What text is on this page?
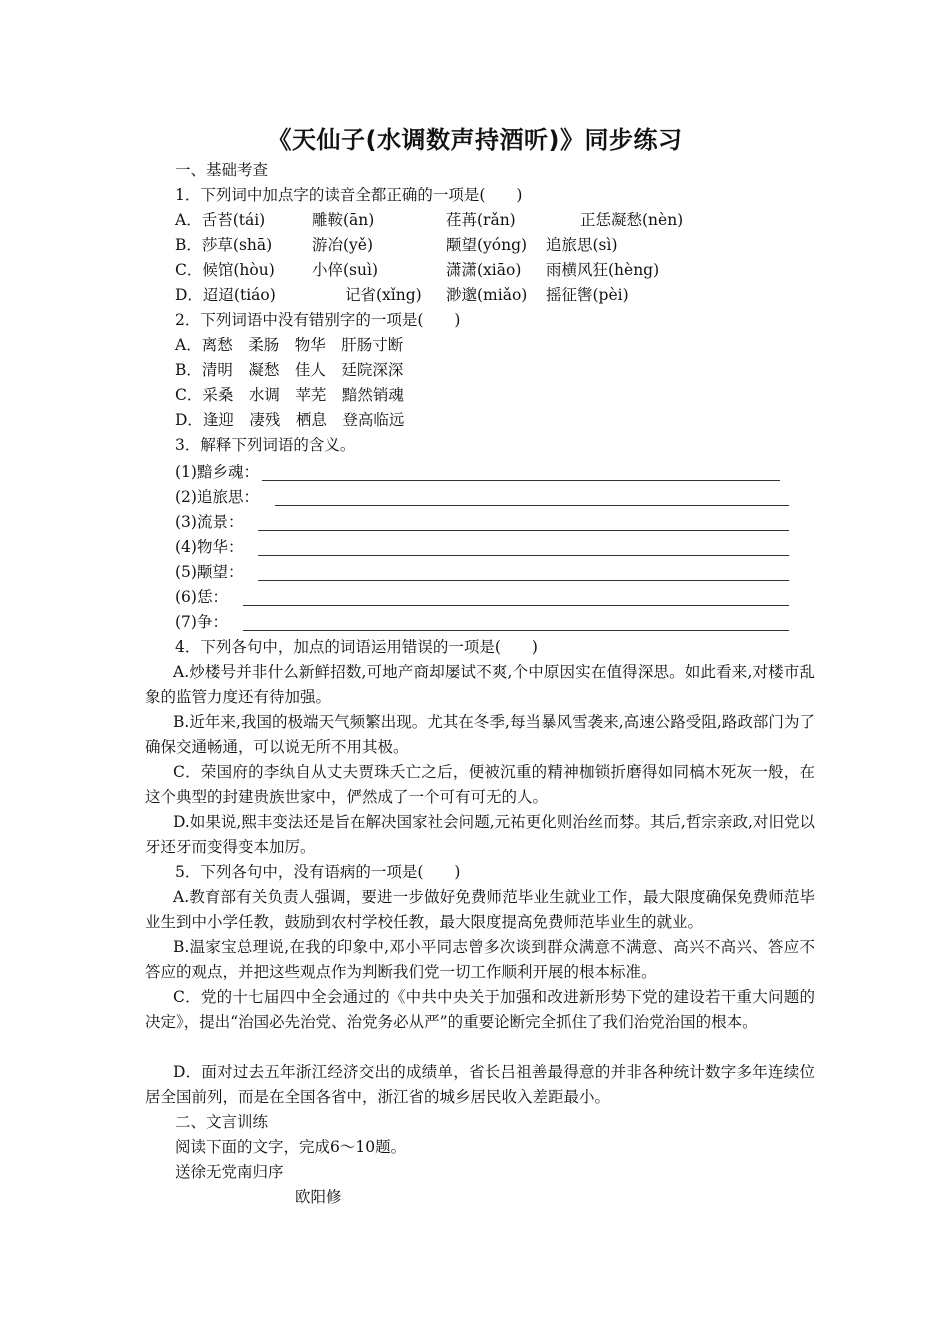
《天仙子(水调数声持酒听)》同步练习
一、基础考查
1．下列词中加点字的读音全都正确的一项是(　　)
A．舌苔(tái)	雕鞍(ān)	荏苒(rǎn)	正恁凝愁(nèn)
B．莎草(shā)	游冶(yě)	颙望(yóng) 追旅思(sì)
C．候馆(hòu) 小倅(suì)	潇潇(xiāo) 雨横风狂(hèng)
D．迢迢(tiáo)	记省(xǐng) 渺邈(miǎo) 摇征辔(pèi)
2．下列词语中没有错别字的一项是(　　)
A．离愁　柔肠　物华　肝肠寸断
B．清明　凝愁　佳人　廷院深深
C．采桑　水调　苹芜　黯然销魂
D．逢迎　凄残　栖息　登高临远
3．解释下列词语的含义。
(1)黯乡魂：
(2)追旅思：
(3)流景：
(4)物华：
(5)颙望：
(6)恁：
(7)争：
4．下列各句中，加点的词语运用错误的一项是(　　)
A.炒楼号并非什么新鲜招数,可地产商却屡试不爽,个中原因实在值得深思。如此看来,对楼市乱象的监管力度还有待加强。
B.近年来,我国的极端天气频繁出现。尤其在冬季,每当暴风雪袭来,高速公路受阻,路政部门为了确保交通畅通，可以说无所不用其极。
C．荣国府的李纨自从丈夫贾珠夭亡之后，便被沉重的精神枷锁折磨得如同槁木死灰一般，在这个典型的封建贵族世家中，俨然成了一个可有可无的人。
D.如果说,熙丰变法还是旨在解决国家社会问题,元祐更化则治丝而棼。其后,哲宗亲政,对旧党以牙还牙而变得变本加厉。
5．下列各句中，没有语病的一项是(　　)
A.教育部有关负责人强调，要进一步做好免费师范毕业生就业工作，最大限度确保免费师范毕业生到中小学任教，鼓励到农村学校任教，最大限度提高免费师范毕业生的就业。
B.温家宝总理说,在我的印象中,邓小平同志曾多次谈到群众满意不满意、高兴不高兴、答应不答应的观点，并把这些观点作为判断我们党一切工作顺利开展的根本标准。
C．党的十七届四中全会通过的《中共中央关于加强和改进新形势下党的建设若干重大问题的决定》，提出“治国必先治党、治党务必从严”的重要论断完全抓住了我们治党治国的根本。
D．面对过去五年浙江经济交出的成绩单，省长吕祖善最得意的并非各种统计数字多年连续位居全国前列，而是在全国各省中，浙江省的城乡居民收入差距最小。
二、文言训练
阅读下面的文字，完成6～10题。
送徐无党南归序
欧阳修
